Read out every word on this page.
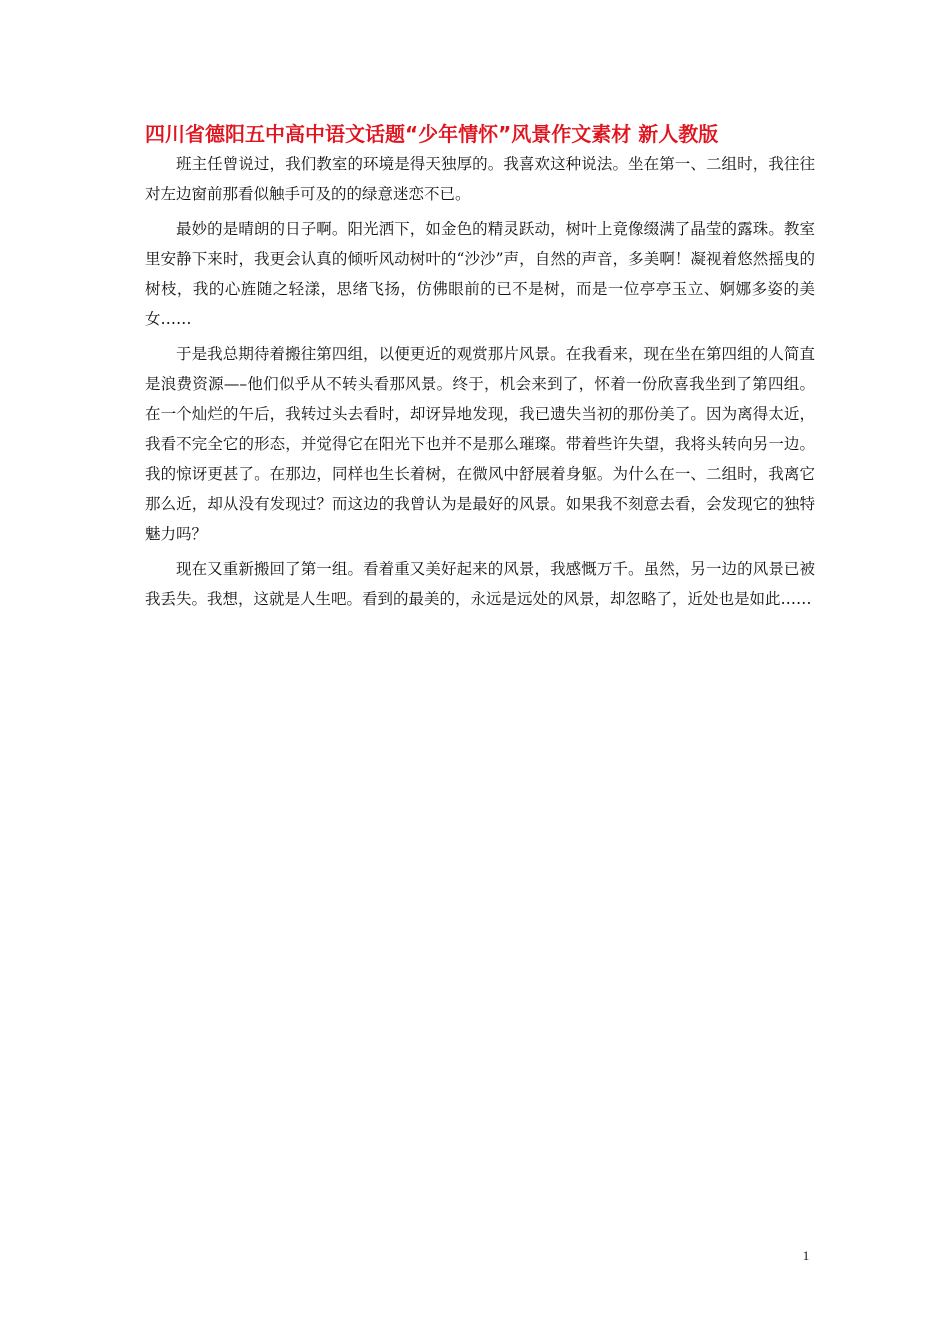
四川省德阳五中高中语文话题“少年情怀”风景作文素材 新人教版

班主任曾说过，我们教室的环境是得天独厚的。我喜欢这种说法。坐在第一、二组时，我往往对左边窗前那看似触手可及的的绿意迷恋不已。

最妙的是晴朗的日子啊。阳光洒下，如金色的精灵跃动，树叶上竟像缀满了晶莹的露珠。教室里安静下来时，我更会认真的倾听风动树叶的“沙沙”声，自然的声音，多美啊！凝视着悠然摇曳的树枝，我的心旌随之轻漾，思绪飞扬，仿佛眼前的已不是树，而是一位亭亭玉立、婀娜多姿的美女……

于是我总期待着搬往第四组，以便更近的观赏那片风景。在我看来，现在坐在第四组的人简直是浪费资源—–他们似乎从不转头看那风景。终于，机会来到了，怀着一份欣喜我坐到了第四组。在一个灿烂的午后，我转过头去看时，却讶异地发现，我已遗失当初的那份美了。因为离得太近，我看不完全它的形态，并觉得它在阳光下也并不是那么璀璨。带着些许失望，我将头转向另一边。我的惊讶更甚了。在那边，同样也生长着树，在微风中舒展着身躯。为什么在一、二组时，我离它那么近，却从没有发现过？而这边的我曾认为是最好的风景。如果我不刻意去看，会发现它的独特魅力吗？

现在又重新搬回了第一组。看着重又美好起来的风景，我感慨万千。虽然，另一边的风景已被我丢失。我想，这就是人生吧。看到的最美的，永远是远处的风景，却忽略了，近处也是如此……

1
